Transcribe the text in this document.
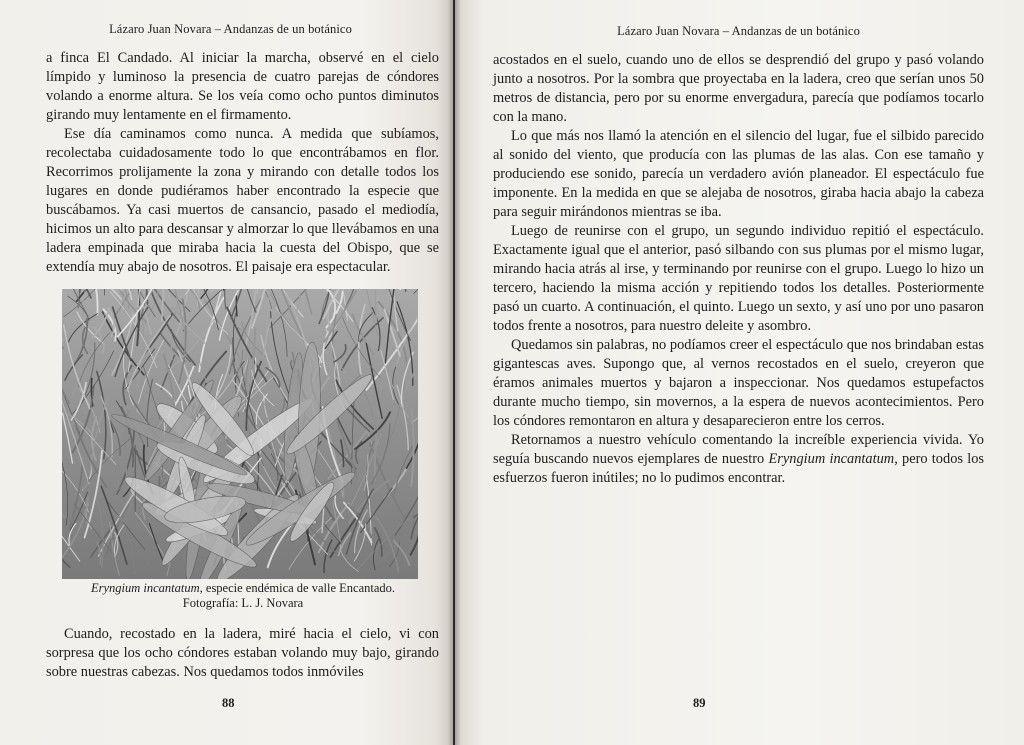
Lázaro Juan Novara – Andanzas de un botánico

a finca El Candado. Al iniciar la marcha, observé en el cielo límpido y luminoso la presencia de cuatro parejas de cóndores volando a enorme altura. Se los veía como ocho puntos diminutos girando muy lentamente en el firmamento.

Ese día caminamos como nunca. A medida que subíamos, recolectaba cuidadosamente todo lo que encontrábamos en flor. Recorrimos prolijamente la zona y mirando con detalle todos los lugares en donde pudiéramos haber encontrado la especie que buscábamos. Ya casi muertos de cansancio, pasado el mediodía, hicimos un alto para descansar y almorzar lo que llevábamos en una ladera empinada que miraba hacia la cuesta del Obispo, que se extendía muy abajo de nosotros. El paisaje era espectacular.

Eryngium incantatum, especie endémica de valle Encantado.
Fotografía: L. J. Novara

Cuando, recostado en la ladera, miré hacia el cielo, vi con sorpresa que los ocho cóndores estaban volando muy bajo, girando sobre nuestras cabezas. Nos quedamos todos inmóviles

88
Lázaro Juan Novara – Andanzas de un botánico

acostados en el suelo, cuando uno de ellos se desprendió del grupo y pasó volando junto a nosotros. Por la sombra que proyectaba en la ladera, creo que serían unos 50 metros de distancia, pero por su enorme envergadura, parecía que podíamos tocarlo con la mano.

Lo que más nos llamó la atención en el silencio del lugar, fue el silbido parecido al sonido del viento, que producía con las plumas de las alas. Con ese tamaño y produciendo ese sonido, parecía un verdadero avión planeador. El espectáculo fue imponente. En la medida en que se alejaba de nosotros, giraba hacia abajo la cabeza para seguir mirándonos mientras se iba.

Luego de reunirse con el grupo, un segundo individuo repitió el espectáculo. Exactamente igual que el anterior, pasó silbando con sus plumas por el mismo lugar, mirando hacia atrás al irse, y terminando por reunirse con el grupo. Luego lo hizo un tercero, haciendo la misma acción y repitiendo todos los detalles. Posteriormente pasó un cuarto. A continuación, el quinto. Luego un sexto, y así uno por uno pasaron todos frente a nosotros, para nuestro deleite y asombro.

Quedamos sin palabras, no podíamos creer el espectáculo que nos brindaban estas gigantescas aves. Supongo que, al vernos recostados en el suelo, creyeron que éramos animales muertos y bajaron a inspeccionar. Nos quedamos estupefactos durante mucho tiempo, sin movernos, a la espera de nuevos acontecimientos. Pero los cóndores remontaron en altura y desaparecieron entre los cerros.

Retornamos a nuestro vehículo comentando la increíble experiencia vivida. Yo seguía buscando nuevos ejemplares de nuestro Eryngium incantatum, pero todos los esfuerzos fueron inútiles; no lo pudimos encontrar.

89
